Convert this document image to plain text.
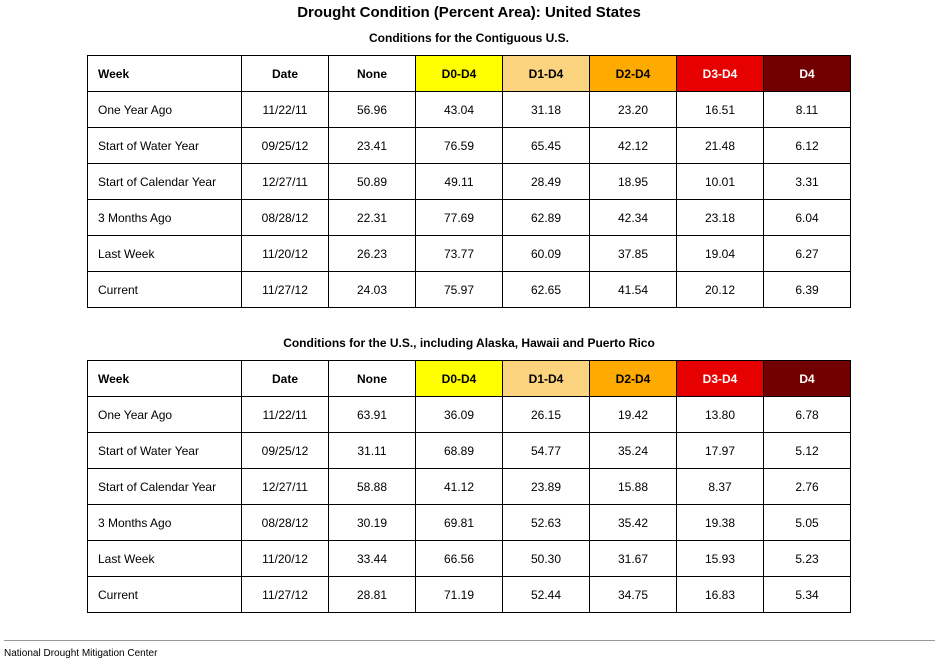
Drought Condition (Percent Area): United States
Conditions for the Contiguous U.S.
Week	Date	None	D0-D4	D1-D4	D2-D4	D3-D4	D4
One Year Ago	11/22/11	56.96	43.04	31.18	23.20	16.51	8.11
Start of Water Year	09/25/12	23.41	76.59	65.45	42.12	21.48	6.12
Start of Calendar Year	12/27/11	50.89	49.11	28.49	18.95	10.01	3.31
3 Months Ago	08/28/12	22.31	77.69	62.89	42.34	23.18	6.04
Last Week	11/20/12	26.23	73.77	60.09	37.85	19.04	6.27
Current	11/27/12	24.03	75.97	62.65	41.54	20.12	6.39
Conditions for the U.S., including Alaska, Hawaii and Puerto Rico
Week	Date	None	D0-D4	D1-D4	D2-D4	D3-D4	D4
One Year Ago	11/22/11	63.91	36.09	26.15	19.42	13.80	6.78
Start of Water Year	09/25/12	31.11	68.89	54.77	35.24	17.97	5.12
Start of Calendar Year	12/27/11	58.88	41.12	23.89	15.88	8.37	2.76
3 Months Ago	08/28/12	30.19	69.81	52.63	35.42	19.38	5.05
Last Week	11/20/12	33.44	66.56	50.30	31.67	15.93	5.23
Current	11/27/12	28.81	71.19	52.44	34.75	16.83	5.34
National Drought Mitigation Center
